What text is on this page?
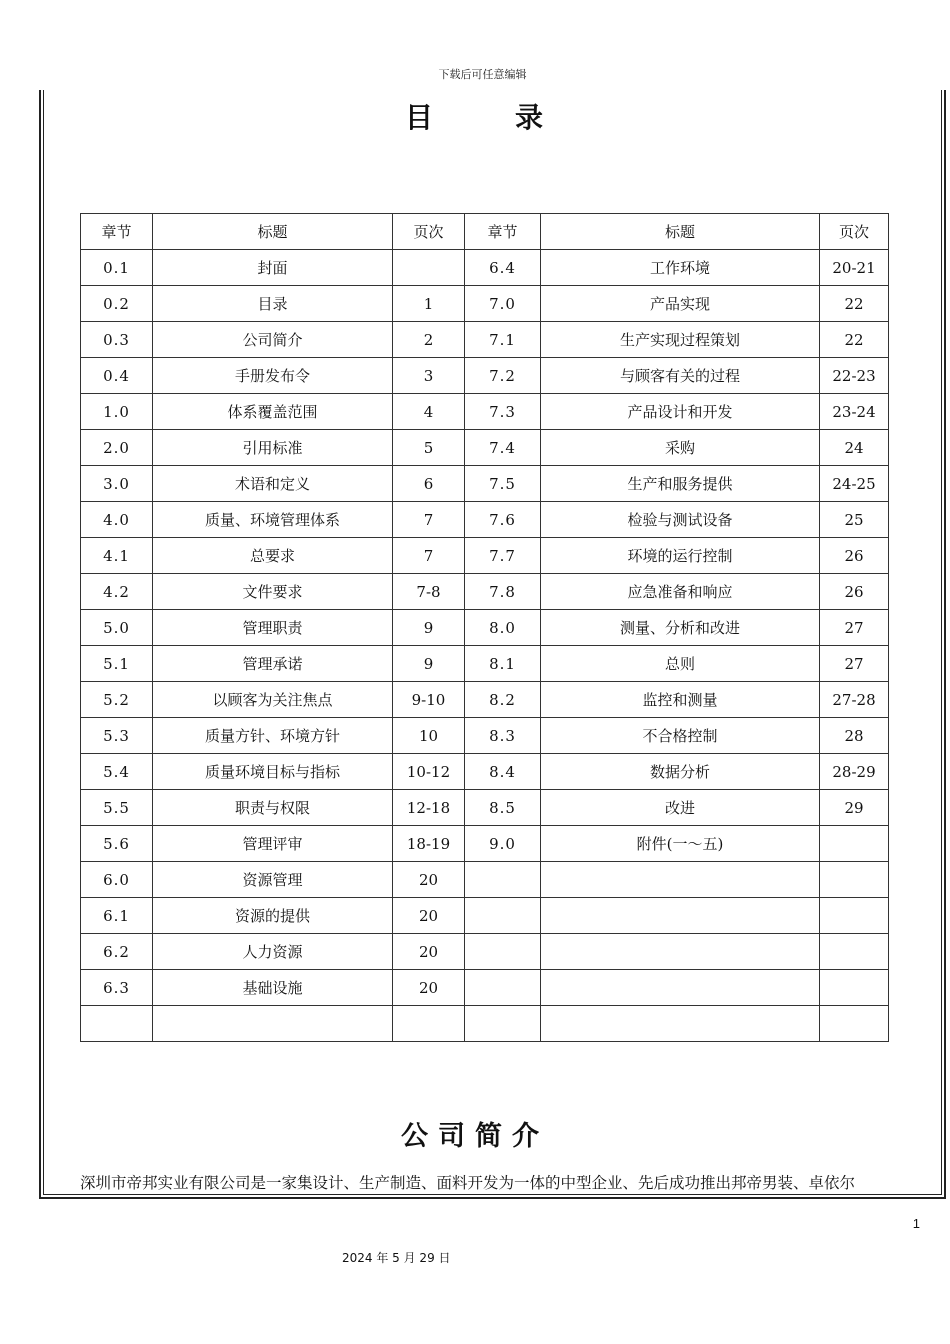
下载后可任意编辑
目	录
章节	标题	页次	章节	标题	页次
0.1	封面		6.4	工作环境	20-21
0.2	目录	1	7.0	产品实现	22
0.3	公司简介	2	7.1	生产实现过程策划	22
0.4	手册发布令	3	7.2	与顾客有关的过程	22-23
1.0	体系覆盖范围	4	7.3	产品设计和开发	23-24
2.0	引用标准	5	7.4	采购	24
3.0	术语和定义	6	7.5	生产和服务提供	24-25
4.0	质量、环境管理体系	7	7.6	检验与测试设备	25
4.1	总要求	7	7.7	环境的运行控制	26
4.2	文件要求	7-8	7.8	应急准备和响应	26
5.0	管理职责	9	8.0	测量、分析和改进	27
5.1	管理承诺	9	8.1	总则	27
5.2	以顾客为关注焦点	9-10	8.2	监控和测量	27-28
5.3	质量方针、环境方针	10	8.3	不合格控制	28
5.4	质量环境目标与指标	10-12	8.4	数据分析	28-29
5.5	职责与权限	12-18	8.5	改进	29
5.6	管理评审	18-19	9.0	附件(一～五)	
6.0	资源管理	20			
6.1	资源的提供	20			
6.2	人力资源	20			
6.3	基础设施	20			

公司简介
深圳市帝邦实业有限公司是一家集设计、生产制造、面料开发为一体的中型企业、先后成功推出邦帝男装、卓依尔
1
2024 年 5 月 29 日
